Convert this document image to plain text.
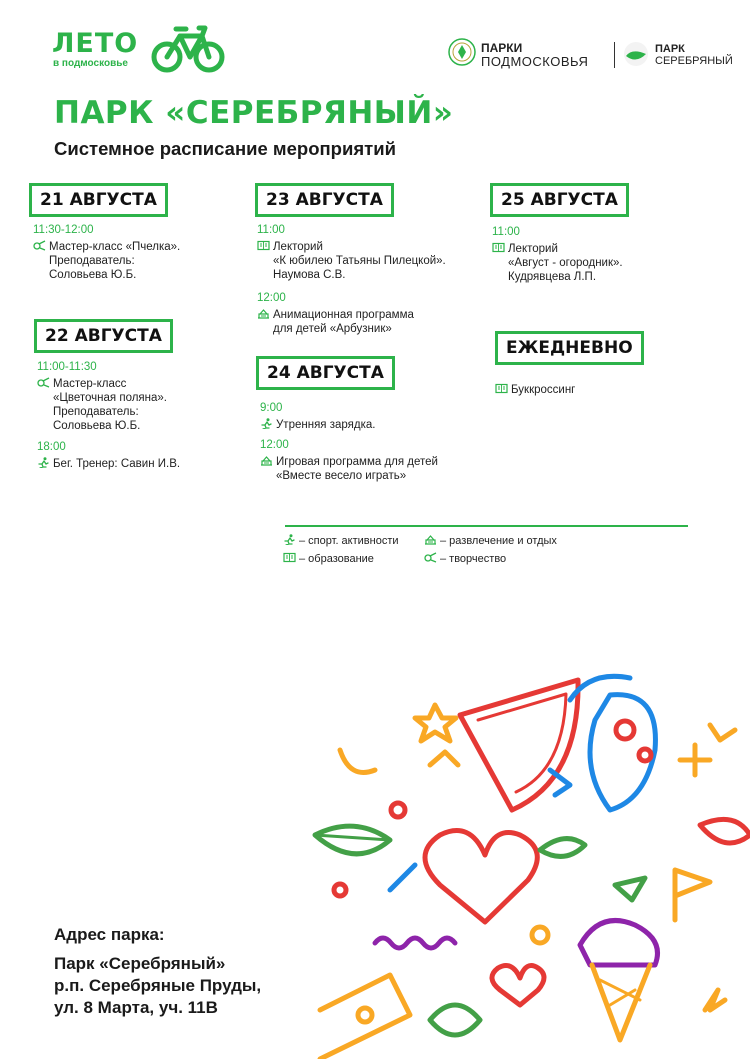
ЛЕТО
в подмосковье
ПАРКИ
ПОДМОСКОВЬЯ
ПАРК
СЕРЕБРЯНЫЙ
ПАРК «СЕРЕБРЯНЫЙ»
Системное расписание мероприятий
21 АВГУСТА
11:30-12:00
Мастер-класс «Пчелка».
Преподаватель:
Соловьева Ю.Б.
22 АВГУСТА
11:00-11:30
Мастер-класс
«Цветочная поляна».
Преподаватель:
Соловьева Ю.Б.
18:00
Бег. Тренер: Савин И.В.
23 АВГУСТА
11:00
Лекторий
«К юбилею Татьяны Пилецкой».
Наумова С.В.
12:00
Анимационная программа
для детей «Арбузник»
24 АВГУСТА
9:00
Утренняя зарядка.
12:00
Игровая программа для детей
«Вместе весело играть»
25 АВГУСТА
11:00
Лекторий
«Август - огородник».
Кудрявцева Л.П.
ЕЖЕДНЕВНО
Буккроссинг
– спорт. активности	– развлечение и отдых
– образование	– творчество
Адрес парка:
Парк «Серебряный»
р.п. Серебряные Пруды,
ул. 8 Марта, уч. 11В
